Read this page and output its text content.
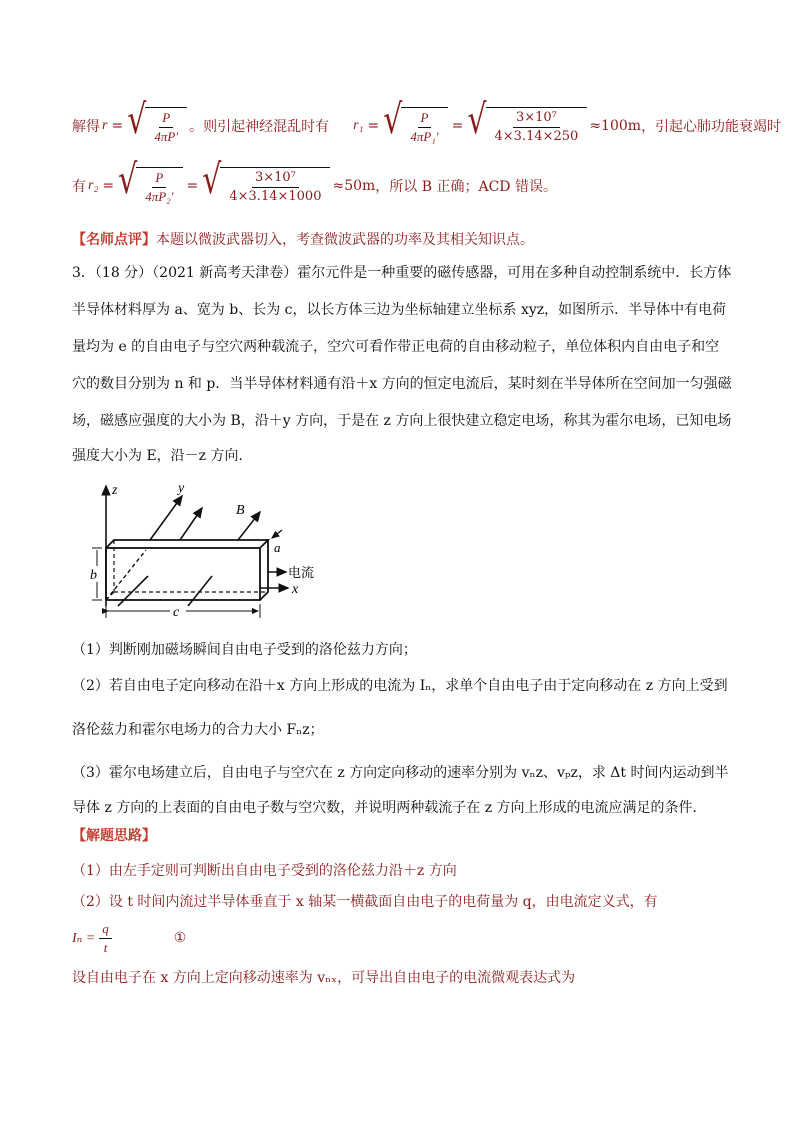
解得 r = √ $\frac{P}{4\pi P'}$ 。则引起神经混乱时有 r₁ = √ $\frac{P}{\text{4πP₁′}}$ = √ $\frac{\text{3×10⁷}}{4\times 3.14\times 250} \approx 100m$ ，引起心肺功能衰竭时
有 r₂ = √ $\frac{P}{\text{4πP₂′}}$ = √ $\frac{\text{3×10⁷}}{4\times 3.14\times 1000} \approx 50m$ ，所以 B 正确；ACD 错误。
【名师点评】本题以微波武器切入，考查微波武器的功率及其相关知识点。
3．（18 分）（2021 新高考天津卷）霍尔元件是一种重要的磁传感器，可用在多种自动控制系统中．长方体
半导体材料厚为 a、宽为 b、长为 c，以长方体三边为坐标轴建立坐标系 xyz，如图所示．半导体中有电荷
量均为 e 的自由电子与空穴两种载流子，空穴可看作带正电荷的自由移动粒子，单位体积内自由电子和空
穴的数目分别为 n 和 p．当半导体材料通有沿＋x 方向的恒定电流后，某时刻在半导体所在空间加一匀强磁
场，磁感应强度的大小为 B，沿＋y 方向，于是在 z 方向上很快建立稳定电场，称其为霍尔电场，已知电场
强度大小为 E，沿－z 方向．
z	y
B
a
b	电流
x
c
（1）判断刚加磁场瞬间自由电子受到的洛伦兹力方向；
（2）若自由电子定向移动在沿＋x 方向上形成的电流为 Iₙ，求单个自由电子由于定向移动在 z 方向上受到
洛伦兹力和霍尔电场力的合力大小 Fₙz；
（3）霍尔电场建立后，自由电子与空穴在 z 方向定向移动的速率分别为 vₙz、vₚz，求 Δt 时间内运动到半
导体 z 方向的上表面的自由电子数与空穴数，并说明两种载流子在 z 方向上形成的电流应满足的条件．
【解题思路】
（1）由左手定则可判断出自由电子受到的洛伦兹力沿＋z 方向
（2）设 t 时间内流过半导体垂直于 x 轴某一横截面自由电子的电荷量为 q，由电流定义式，有
$I_n = \frac{q}{t}$	①
设自由电子在 x 方向上定向移动速率为 vₙₓ，可导出自由电子的电流微观表达式为
